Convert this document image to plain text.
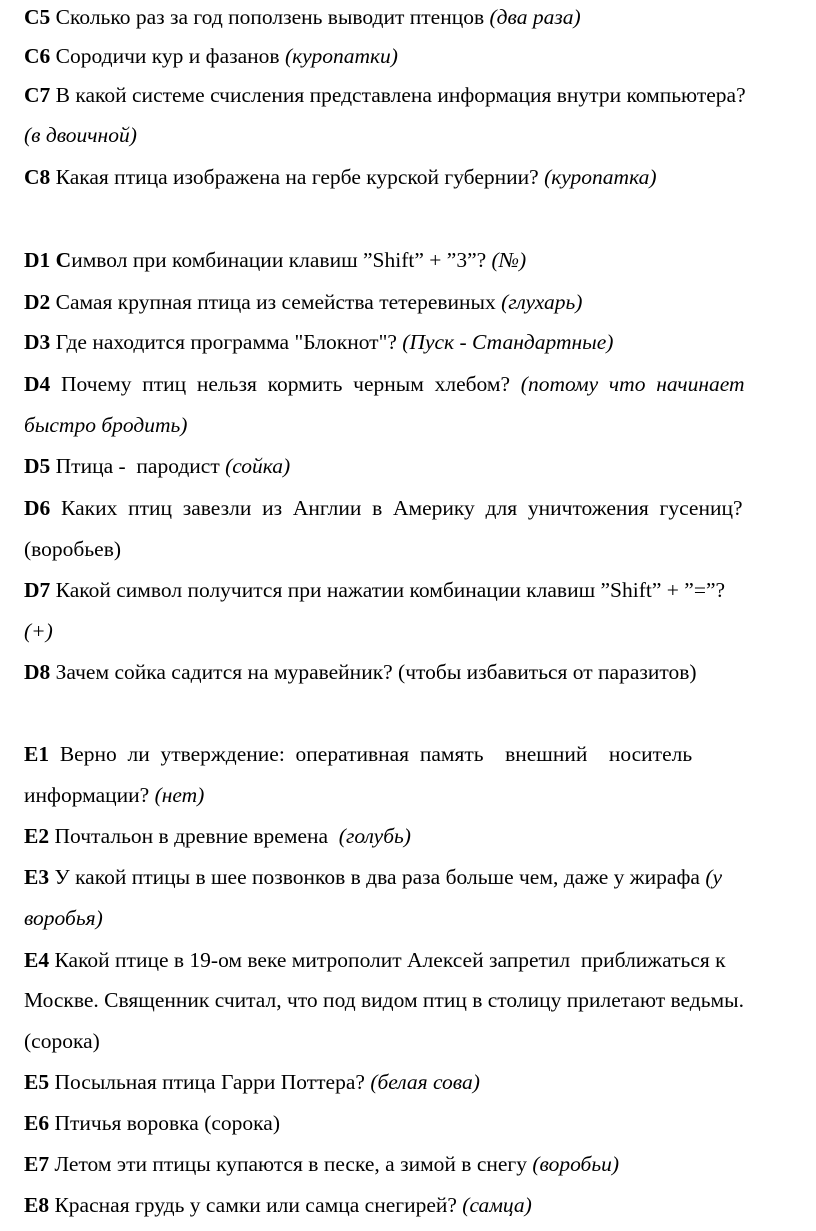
C5 Сколько раз за год поползень выводит птенцов (два раза)
C6 Сородичи кур и фазанов (куропатки)
C7 В какой системе счисления представлена информация внутри компьютера?
(в двоичной)
C8 Какая птица изображена на гербе курской губернии? (куропатка)
D1 Символ при комбинации клавиш ”Shift” + ”3”? (№)
D2 Самая крупная птица из семейства тетеревиных (глухарь)
D3 Где находится программа "Блокнот"? (Пуск - Стандартные)
D4  Почему  птиц  нельзя  кормить  черным  хлебом?  (потому  что  начинает
быстро бродить)
D5 Птица -  пародист (сойка)
D6  Каких  птиц  завезли  из  Англии  в  Америку  для  уничтожения  гусениц?
(воробьев)
D7 Какой символ получится при нажатии комбинации клавиш ”Shift” + ”=”?
(+)
D8 Зачем сойка садится на муравейник? (чтобы избавиться от паразитов)
E1  Верно  ли  утверждение:  оперативная  память    внешний    носитель
информации? (нет)
E2 Почтальон в древние времена  (голубь)
E3 У какой птицы в шее позвонков в два раза больше чем, даже у жирафа (у
воробья)
E4 Какой птице в 19-ом веке митрополит Алексей запретил  приближаться к
Москве. Священник считал, что под видом птиц в столицу прилетают ведьмы.
(сорока)
E5 Посыльная птица Гарри Поттера? (белая сова)
E6 Птичья воровка (сорока)
E7 Летом эти птицы купаются в песке, а зимой в снегу (воробьи)
E8 Красная грудь у самки или самца снегирей? (самца)
